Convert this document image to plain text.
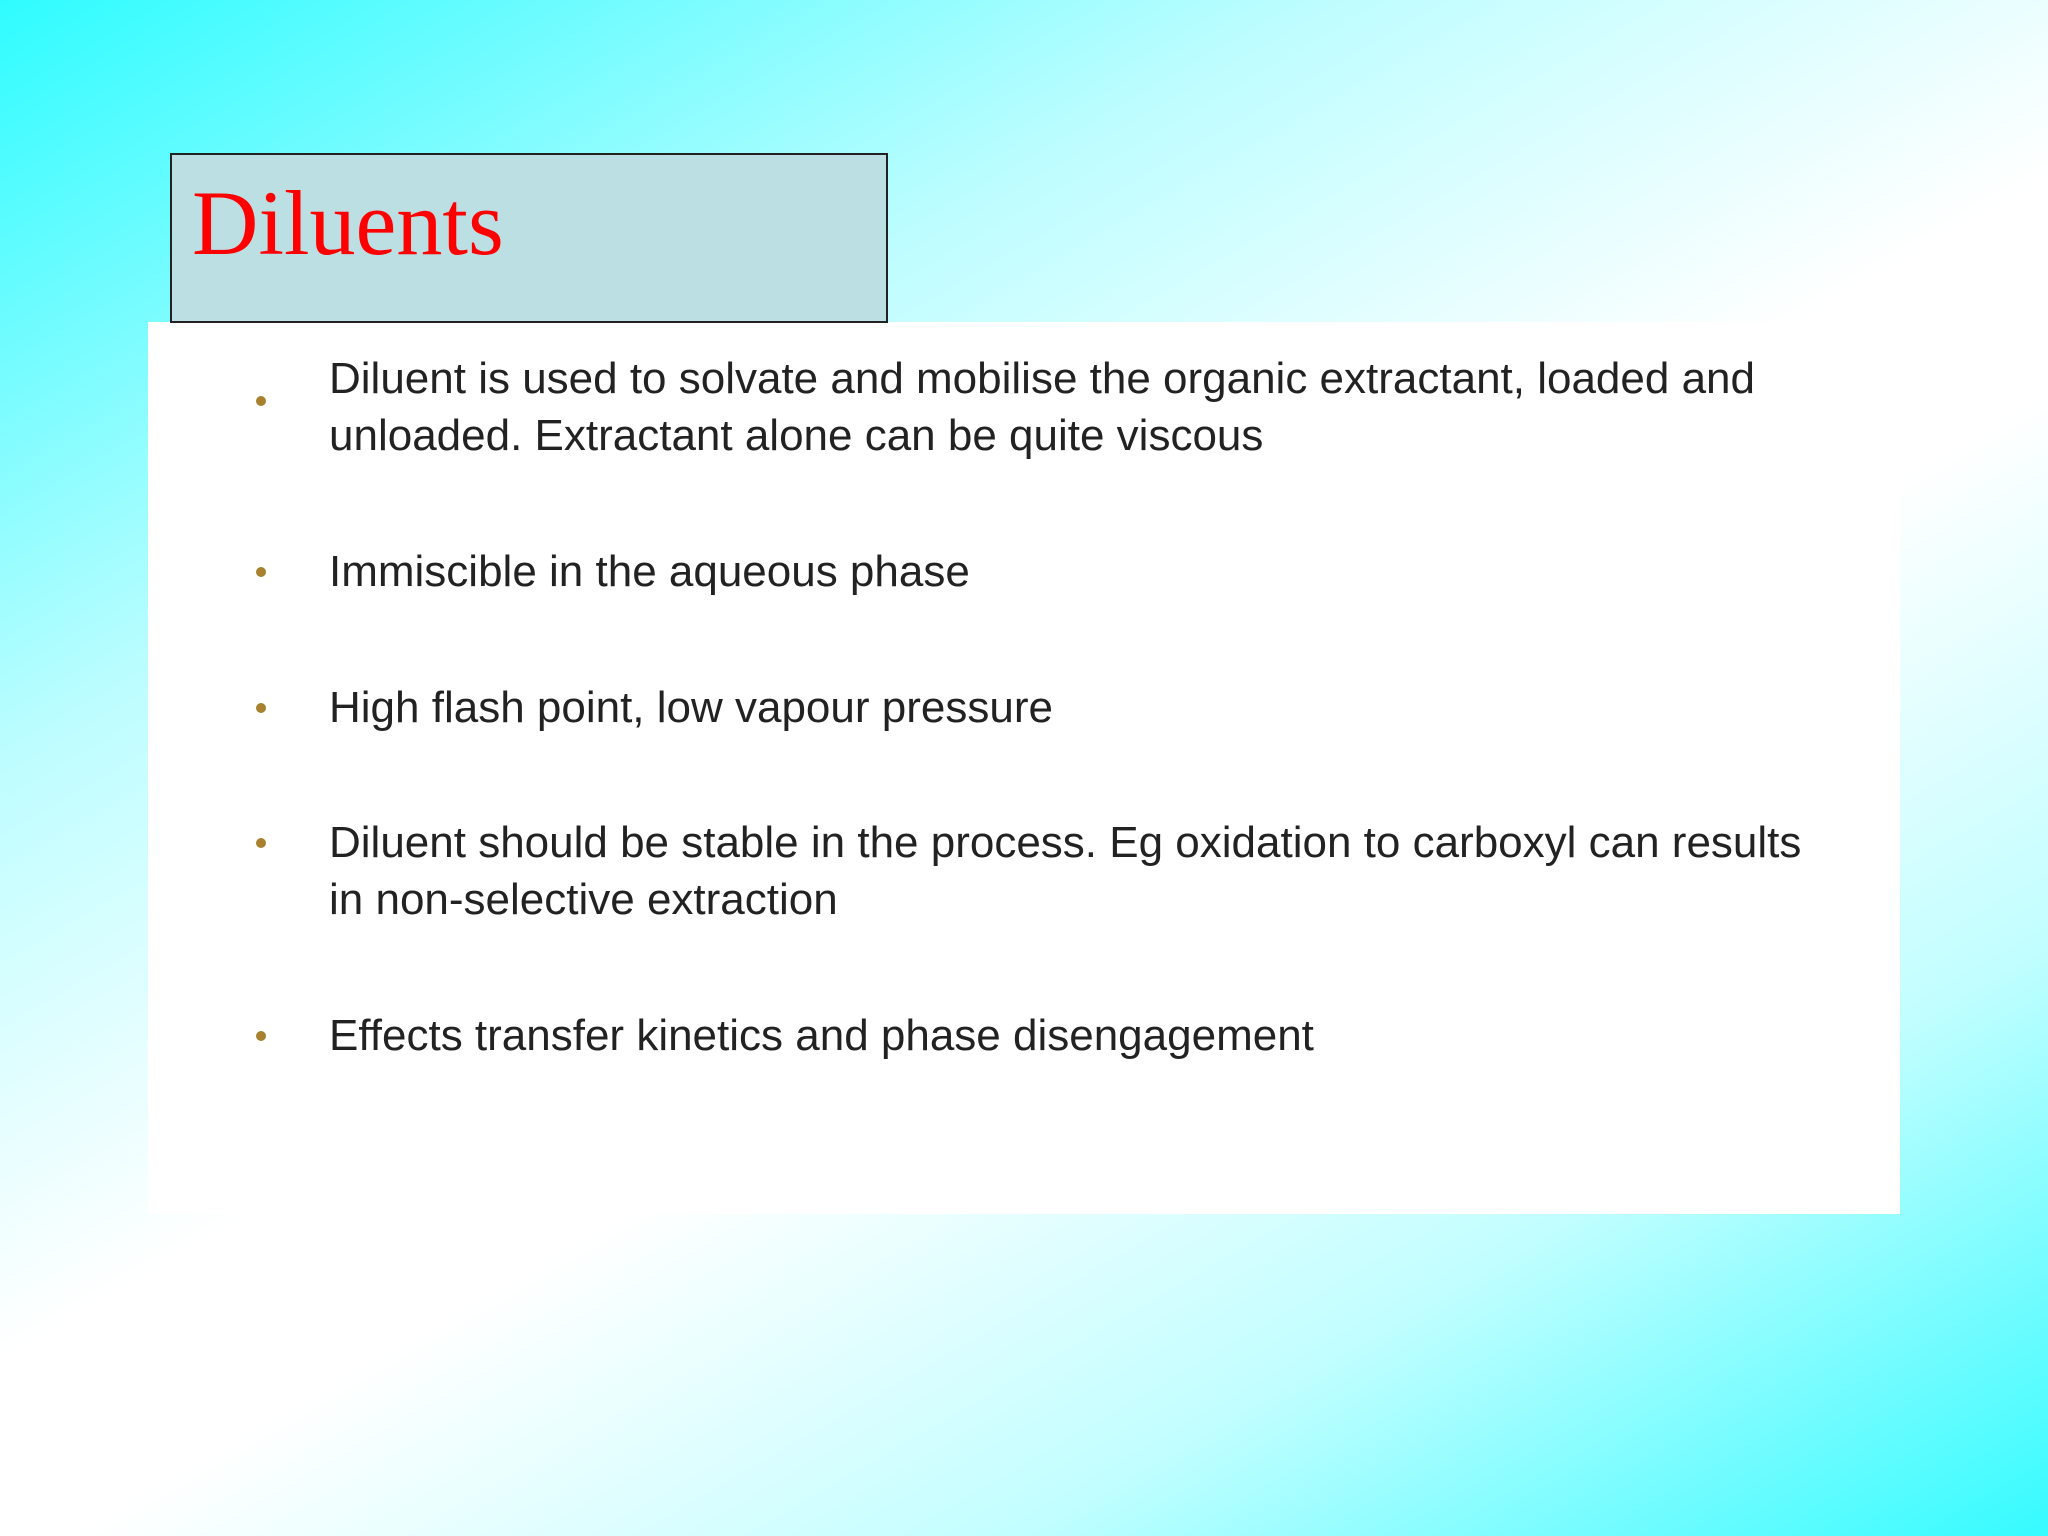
Diluent is used to solvate and mobilise the organic extractant, loaded and unloaded. Extractant alone can be quite viscous
Immiscible in the aqueous phase
High flash point, low vapour pressure
Diluent should be stable in the process. Eg oxidation to carboxyl can results in non-selective extraction
Effects transfer kinetics and phase disengagement
Diluents
